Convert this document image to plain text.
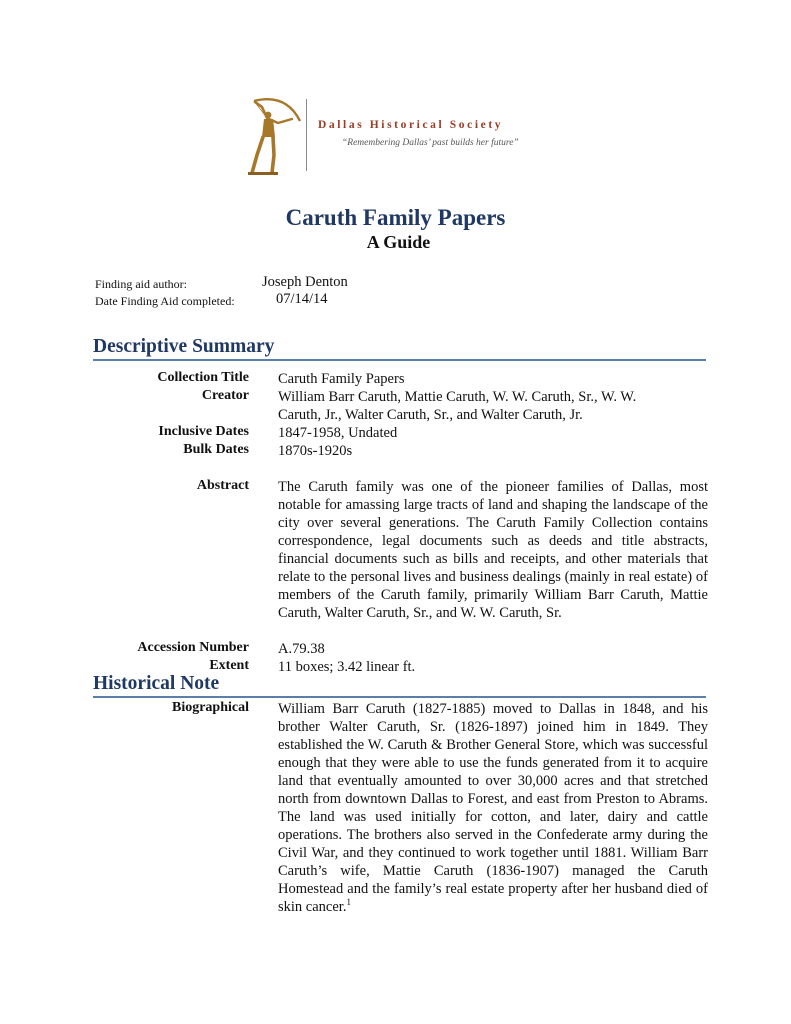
Dallas Historical Society
“Remembering Dallas’ past builds her future”
Caruth Family Papers
A Guide
Finding aid author:	Joseph Denton
Date Finding Aid completed:	07/14/14
Descriptive Summary
Collection Title Caruth Family Papers
Creator William Barr Caruth, Mattie Caruth, W. W. Caruth, Sr., W. W.
Caruth, Jr., Walter Caruth, Sr., and Walter Caruth, Jr.
Inclusive Dates 1847-1958, Undated
Bulk Dates 1870s-1920s
Abstract The Caruth family was one of the pioneer families of Dallas, most notable for amassing large tracts of land and shaping the landscape of the city over several generations. The Caruth Family Collection contains correspondence, legal documents such as deeds and title abstracts, financial documents such as bills and receipts, and other materials that relate to the personal lives and business dealings (mainly in real estate) of members of the Caruth family, primarily William Barr Caruth, Mattie Caruth, Walter Caruth, Sr., and W. W. Caruth, Sr.
Accession Number A.79.38
Extent 11 boxes; 3.42 linear ft.
Historical Note
Biographical William Barr Caruth (1827-1885) moved to Dallas in 1848, and his brother Walter Caruth, Sr. (1826-1897) joined him in 1849. They established the W. Caruth & Brother General Store, which was successful enough that they were able to use the funds generated from it to acquire land that eventually amounted to over 30,000 acres and that stretched north from downtown Dallas to Forest, and east from Preston to Abrams. The land was used initially for cotton, and later, dairy and cattle operations. The brothers also served in the Confederate army during the Civil War, and they continued to work together until 1881. William Barr Caruth’s wife, Mattie Caruth (1836-1907) managed the Caruth Homestead and the family’s real estate property after her husband died of skin cancer.$^1$
